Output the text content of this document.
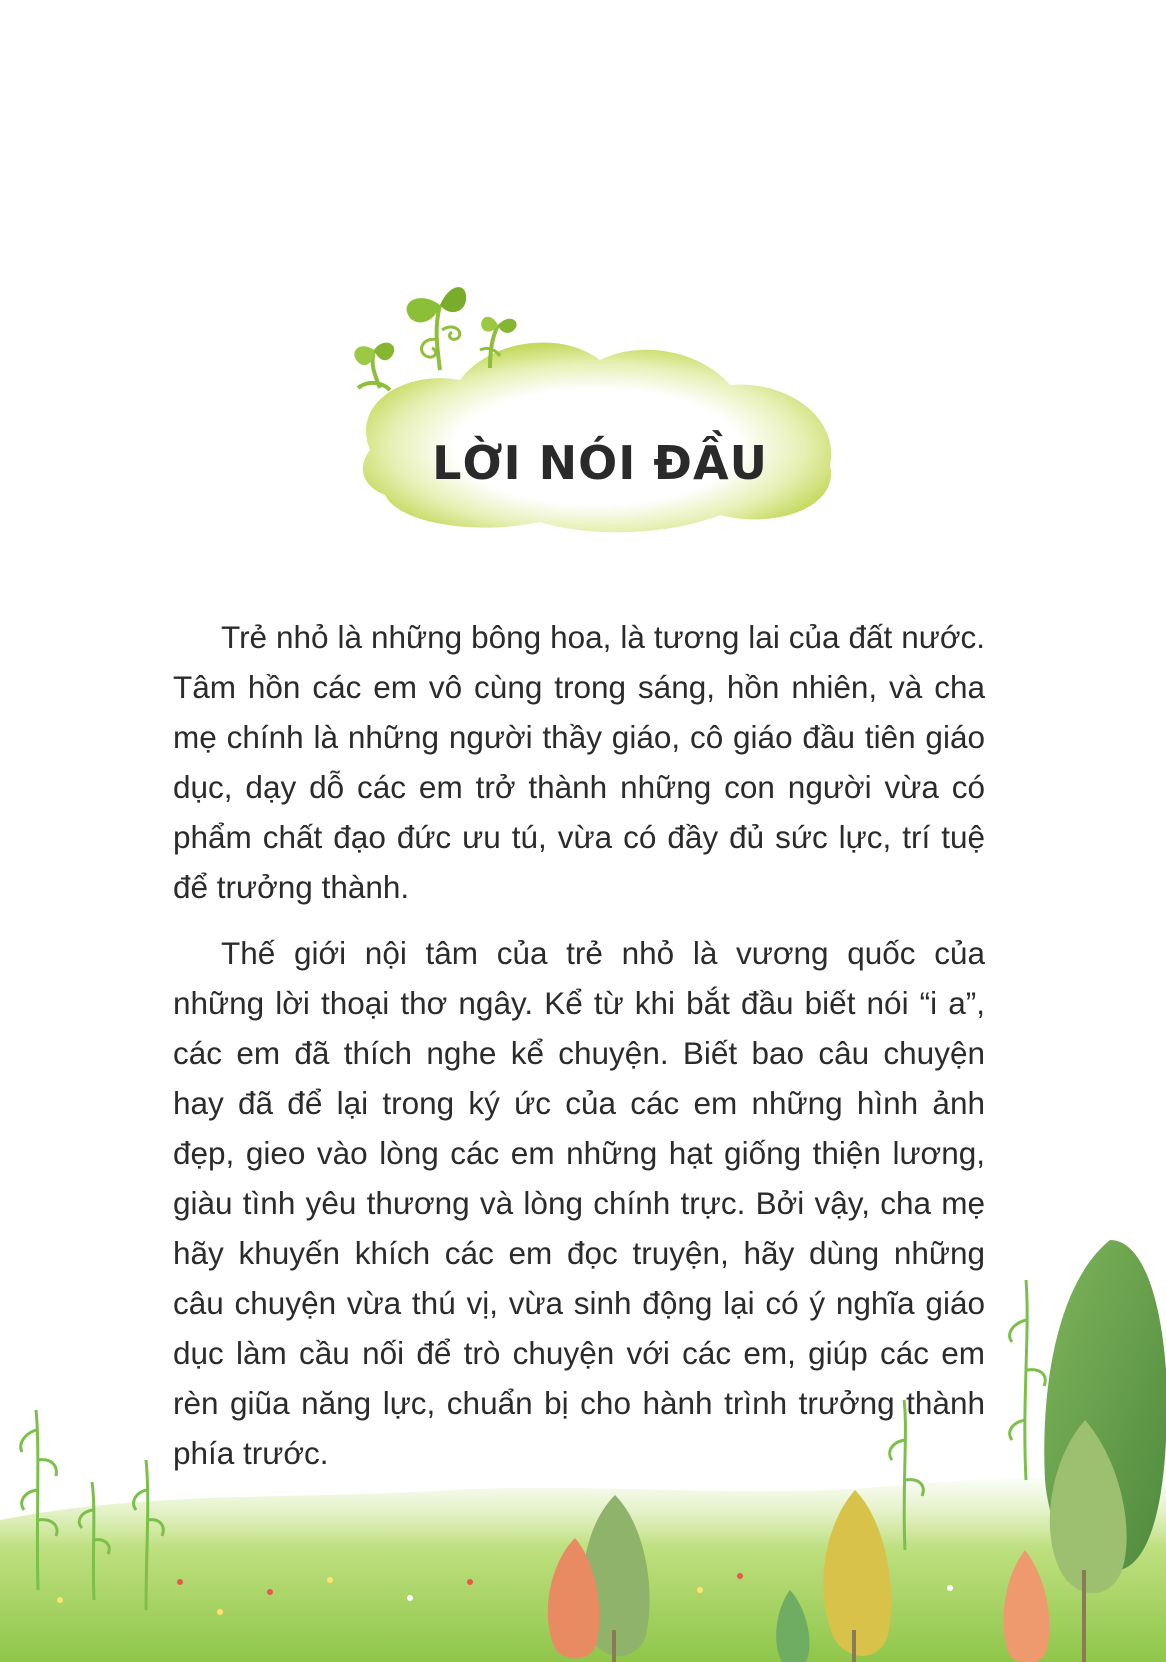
LỜI NÓI ĐẦU

Trẻ nhỏ là những bông hoa, là tương lai của đất nước. Tâm hồn các em vô cùng trong sáng, hồn nhiên, và cha mẹ chính là những người thầy giáo, cô giáo đầu tiên giáo dục, dạy dỗ các em trở thành những con người vừa có phẩm chất đạo đức ưu tú, vừa có đầy đủ sức lực, trí tuệ để trưởng thành.

Thế giới nội tâm của trẻ nhỏ là vương quốc của những lời thoại thơ ngây. Kể từ khi bắt đầu biết nói “i a”, các em đã thích nghe kể chuyện. Biết bao câu chuyện hay đã để lại trong ký ức của các em những hình ảnh đẹp, gieo vào lòng các em những hạt giống thiện lương, giàu tình yêu thương và lòng chính trực. Bởi vậy, cha mẹ hãy khuyến khích các em đọc truyện, hãy dùng những câu chuyện vừa thú vị, vừa sinh động lại có ý nghĩa giáo dục làm cầu nối để trò chuyện với các em, giúp các em rèn giũa năng lực, chuẩn bị cho hành trình trưởng thành phía trước.
